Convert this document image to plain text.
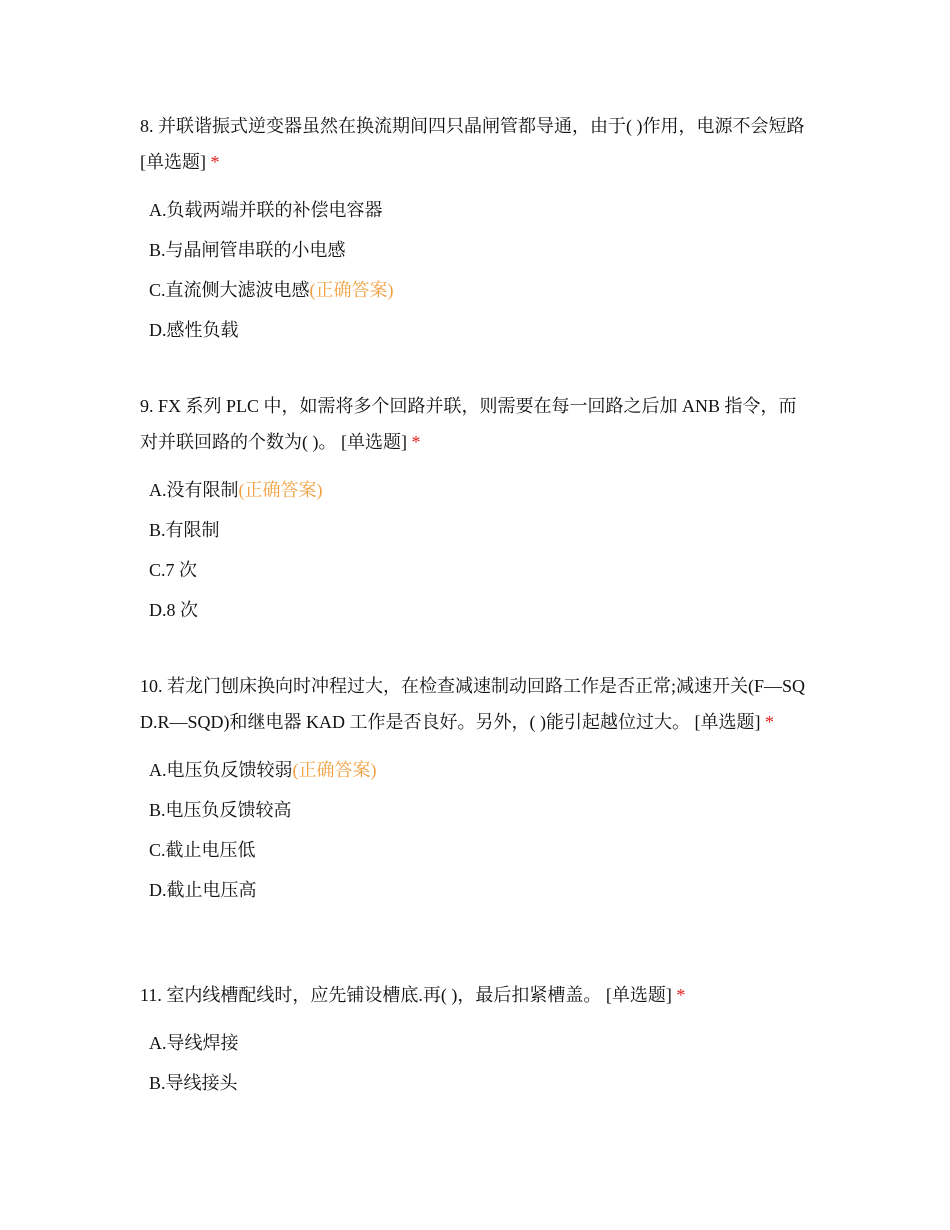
8. 并联谐振式逆变器虽然在换流期间四只晶闸管都导通，由于( )作用，电源不会短路 [单选题] *

A.负载两端并联的补偿电容器
B.与晶闸管串联的小电感
C.直流侧大滤波电感(正确答案)
D.感性负载

9. FX 系列 PLC 中，如需将多个回路并联，则需要在每一回路之后加 ANB 指令，而对并联回路的个数为( )。 [单选题] *

A.没有限制(正确答案)
B.有限制
C.7 次
D.8 次

10. 若龙门刨床换向时冲程过大，在检查减速制动回路工作是否正常;减速开关(F—SQD.R—SQD)和继电器 KAD 工作是否良好。另外，( )能引起越位过大。 [单选题] *

A.电压负反馈较弱(正确答案)
B.电压负反馈较高
C.截止电压低
D.截止电压高

11. 室内线槽配线时，应先铺设槽底.再( )，最后扣紧槽盖。 [单选题] *

A.导线焊接
B.导线接头
